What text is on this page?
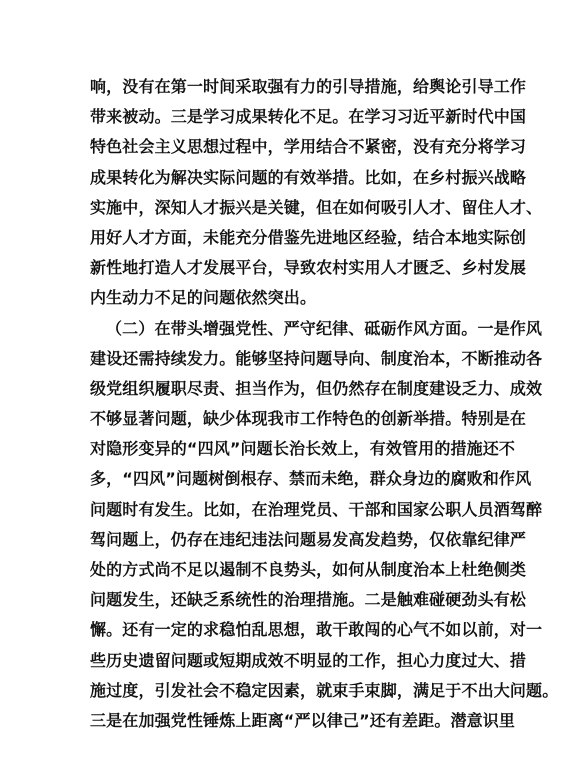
响，没有在第一时间采取强有力的引导措施，给舆论引导工作
带来被动。三是学习成果转化不足。在学习习近平新时代中国
特色社会主义思想过程中，学用结合不紧密，没有充分将学习
成果转化为解决实际问题的有效举措。比如，在乡村振兴战略
实施中，深知人才振兴是关键，但在如何吸引人才、留住人才、
用好人才方面，未能充分借鉴先进地区经验，结合本地实际创
新性地打造人才发展平台，导致农村实用人才匮乏、乡村发展
内生动力不足的问题依然突出。
（二）在带头增强党性、严守纪律、砥砺作风方面。一是作风
建设还需持续发力。能够坚持问题导向、制度治本，不断推动各
级党组织履职尽责、担当作为，但仍然存在制度建设乏力、成效
不够显著问题，缺少体现我市工作特色的创新举措。特别是在
对隐形变异的“四风”问题长治长效上，有效管用的措施还不
多，“四风”问题树倒根存、禁而未绝，群众身边的腐败和作风
问题时有发生。比如，在治理党员、干部和国家公职人员酒驾醉
驾问题上，仍存在违纪违法问题易发高发趋势，仅依靠纪律严
处的方式尚不足以遏制不良势头，如何从制度治本上杜绝侧类
问题发生，还缺乏系统性的治理措施。二是触难碰硬劲头有松
懈。还有一定的求稳怕乱思想，敢干敢闯的心气不如以前，对一
些历史遗留问题或短期成效不明显的工作，担心力度过大、措
施过度，引发社会不稳定因素，就束手束脚，满足于不出大问题。
三是在加强党性锤炼上距离“严以律己”还有差距。潜意识里
